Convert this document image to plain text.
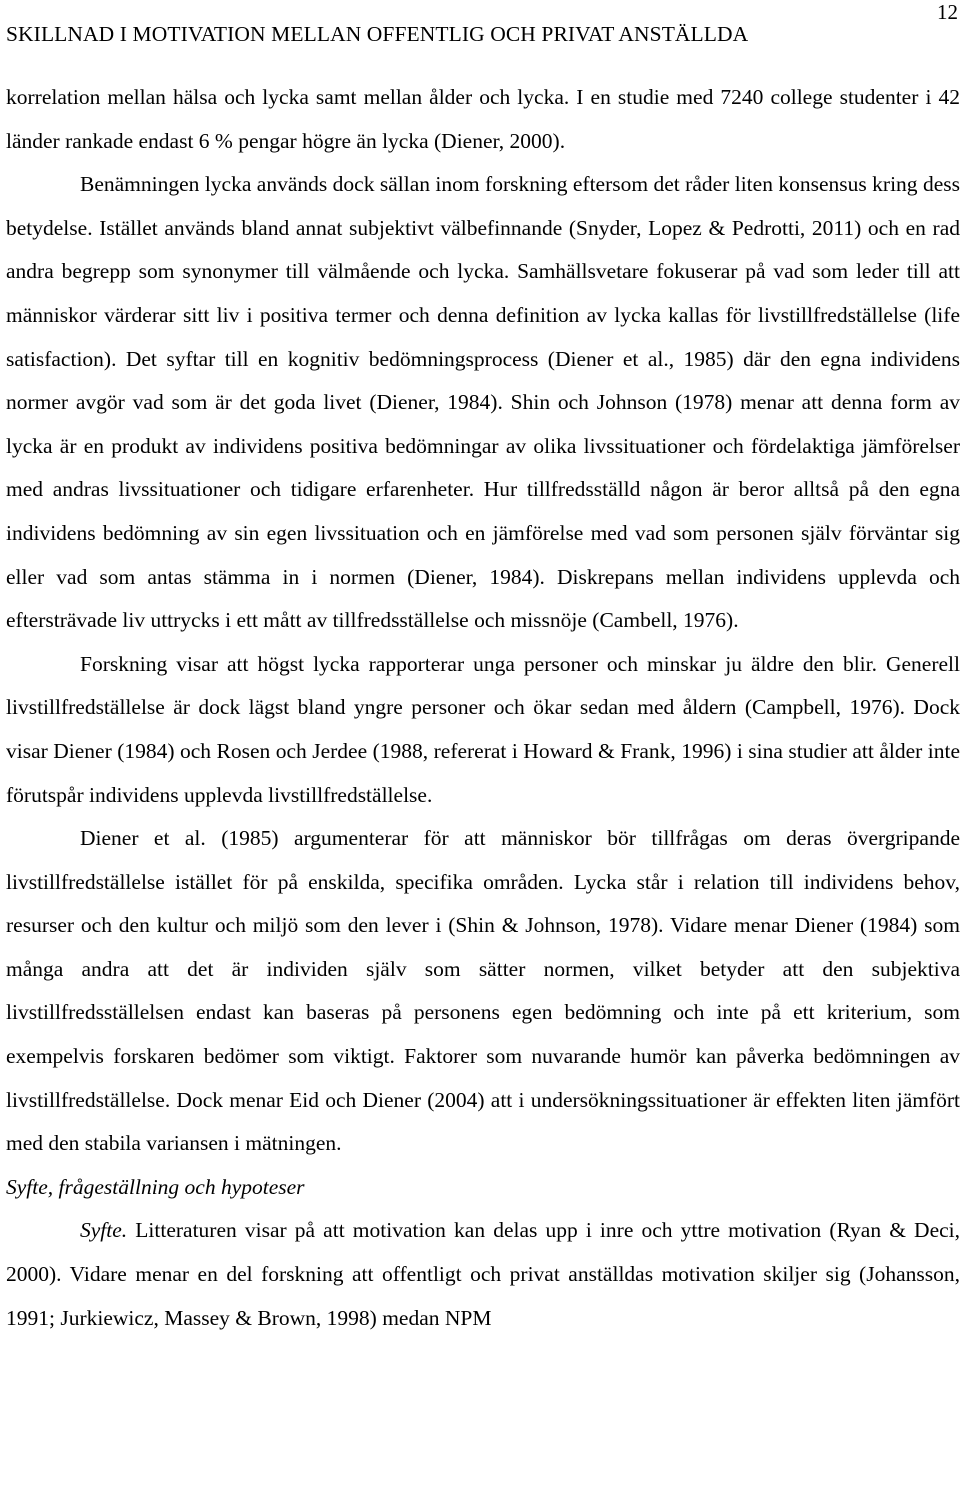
SKILLNAD I MOTIVATION MELLAN OFFENTLIG OCH PRIVAT ANSTÄLLDA
12

korrelation mellan hälsa och lycka samt mellan ålder och lycka. I en studie med 7240 college studenter i 42 länder rankade endast 6 % pengar högre än lycka (Diener, 2000).

Benämningen lycka används dock sällan inom forskning eftersom det råder liten konsensus kring dess betydelse. Istället används bland annat subjektivt välbefinnande (Snyder, Lopez & Pedrotti, 2011) och en rad andra begrepp som synonymer till välmående och lycka. Samhällsvetare fokuserar på vad som leder till att människor värderar sitt liv i positiva termer och denna definition av lycka kallas för livstillfredställelse (life satisfaction). Det syftar till en kognitiv bedömningsprocess (Diener et al., 1985) där den egna individens normer avgör vad som är det goda livet (Diener, 1984). Shin och Johnson (1978) menar att denna form av lycka är en produkt av individens positiva bedömningar av olika livssituationer och fördelaktiga jämförelser med andras livssituationer och tidigare erfarenheter. Hur tillfredsställd någon är beror alltså på den egna individens bedömning av sin egen livssituation och en jämförelse med vad som personen själv förväntar sig eller vad som antas stämma in i normen (Diener, 1984). Diskrepans mellan individens upplevda och eftersträvade liv uttrycks i ett mått av tillfredsställelse och missnöje (Cambell, 1976).

Forskning visar att högst lycka rapporterar unga personer och minskar ju äldre den blir. Generell livstillfredställelse är dock lägst bland yngre personer och ökar sedan med åldern (Campbell, 1976). Dock visar Diener (1984) och Rosen och Jerdee (1988, refererat i Howard & Frank, 1996) i sina studier att ålder inte förutspår individens upplevda livstillfredställelse.

Diener et al. (1985) argumenterar för att människor bör tillfrågas om deras övergripande livstillfredställelse istället för på enskilda, specifika områden. Lycka står i relation till individens behov, resurser och den kultur och miljö som den lever i (Shin & Johnson, 1978). Vidare menar Diener (1984) som många andra att det är individen själv som sätter normen, vilket betyder att den subjektiva livstillfredsställelsen endast kan baseras på personens egen bedömning och inte på ett kriterium, som exempelvis forskaren bedömer som viktigt. Faktorer som nuvarande humör kan påverka bedömningen av livstillfredställelse. Dock menar Eid och Diener (2004) att i undersökningssituationer är effekten liten jämfört med den stabila variansen i mätningen.

Syfte, frågeställning och hypoteser

Syfte. Litteraturen visar på att motivation kan delas upp i inre och yttre motivation (Ryan & Deci, 2000). Vidare menar en del forskning att offentligt och privat anställdas motivation skiljer sig (Johansson, 1991; Jurkiewicz, Massey & Brown, 1998) medan NPM
